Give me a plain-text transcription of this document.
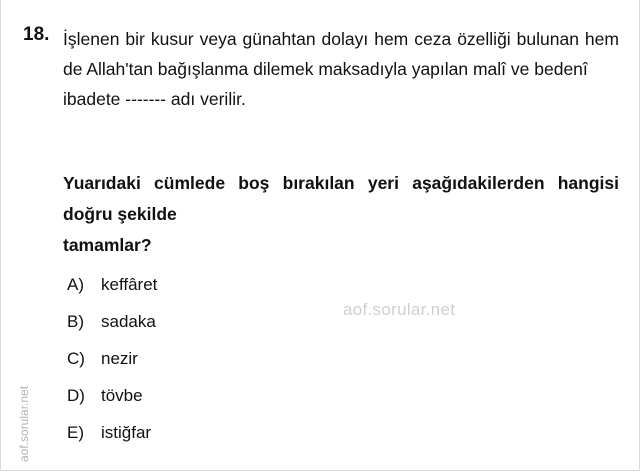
aof.sorular.net
18. İşlenen bir kusur veya günahtan dolayı hem ceza özelliği bulunan hem de Allah'tan bağışlanma dilemek maksadıyla yapılan malî ve bedenî
ibadete ------- adı verilir.
Yuarıdaki cümlede boş bırakılan yeri aşağıdakilerden hangisi doğru şekilde
tamamlar?
A)	keffâret
B)	sadaka
C) nezir
D) tövbe
E)	istiğfar
aof.sorular.net
